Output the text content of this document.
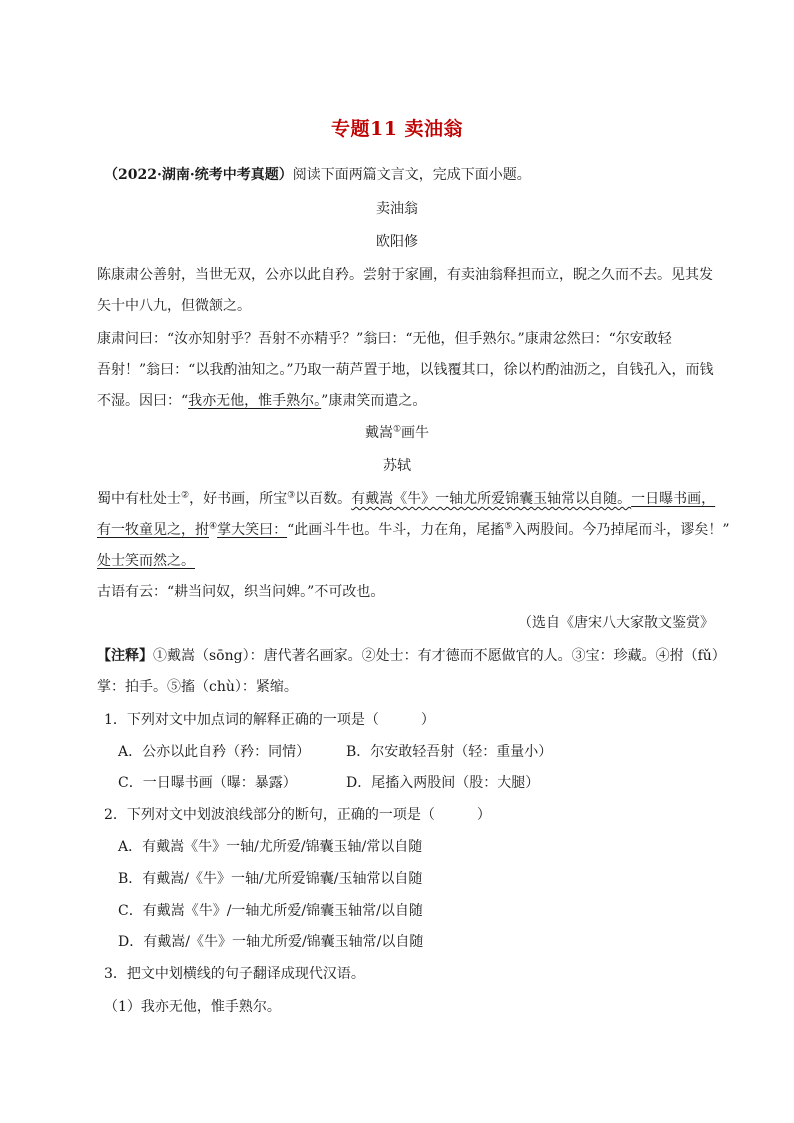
专题11 卖油翁
（2022·湖南·统考中考真题）阅读下面两篇文言文，完成下面小题。
卖油翁
欧阳修
陈康肃公善射，当世无双，公亦以此自矜。尝射于家圃，有卖油翁释担而立，睨之久而不去。见其发
矢十中八九，但微颔之。
康肃问曰：“汝亦知射乎？吾射不亦精乎？”翁曰：“无他，但手熟尔。”康肃忿然曰：“尔安敢轻
吾射！”翁曰：“以我酌油知之。”乃取一葫芦置于地，以钱覆其口，徐以杓酌油沥之，自钱孔入，而钱
不湿。因曰：“我亦无他，惟手熟尔。”康肃笑而遣之。
戴嵩①画牛
苏轼
蜀中有杜处士②，好书画，所宝③以百数。有戴嵩《牛》一轴尤所爱锦囊玉轴常以自随。一日曝书画，
有一牧童见之，拊④掌大笑曰：“此画斗牛也。牛斗，力在角，尾搐⑤入两股间。今乃掉尾而斗，谬矣！”
处士笑而然之。
古语有云：“耕当问奴，织当问婢。”不可改也。
（选自《唐宋八大家散文鉴赏》
【注释】①戴嵩（sōng）：唐代著名画家。②处士：有才德而不愿做官的人。③宝：珍藏。④拊（fǔ）
掌：拍手。⑤搐（chù）：紧缩。
1．下列对文中加点词的解释正确的一项是（　　　）
A．公亦以此自矜（矜：同情）	B．尔安敢轻吾射（轻：重量小）
C．一日曝书画（曝：暴露）	D．尾搐入两股间（股：大腿）
2．下列对文中划波浪线部分的断句，正确的一项是（　　　）
A．有戴嵩《牛》一轴/尤所爱/锦囊玉轴/常以自随
B．有戴嵩/《牛》一轴/尤所爱锦囊/玉轴常以自随
C．有戴嵩《牛》/一轴尤所爱/锦囊玉轴常/以自随
D．有戴嵩/《牛》一轴尤所爱/锦囊玉轴常/以自随
3．把文中划横线的句子翻译成现代汉语。
（1）我亦无他，惟手熟尔。
